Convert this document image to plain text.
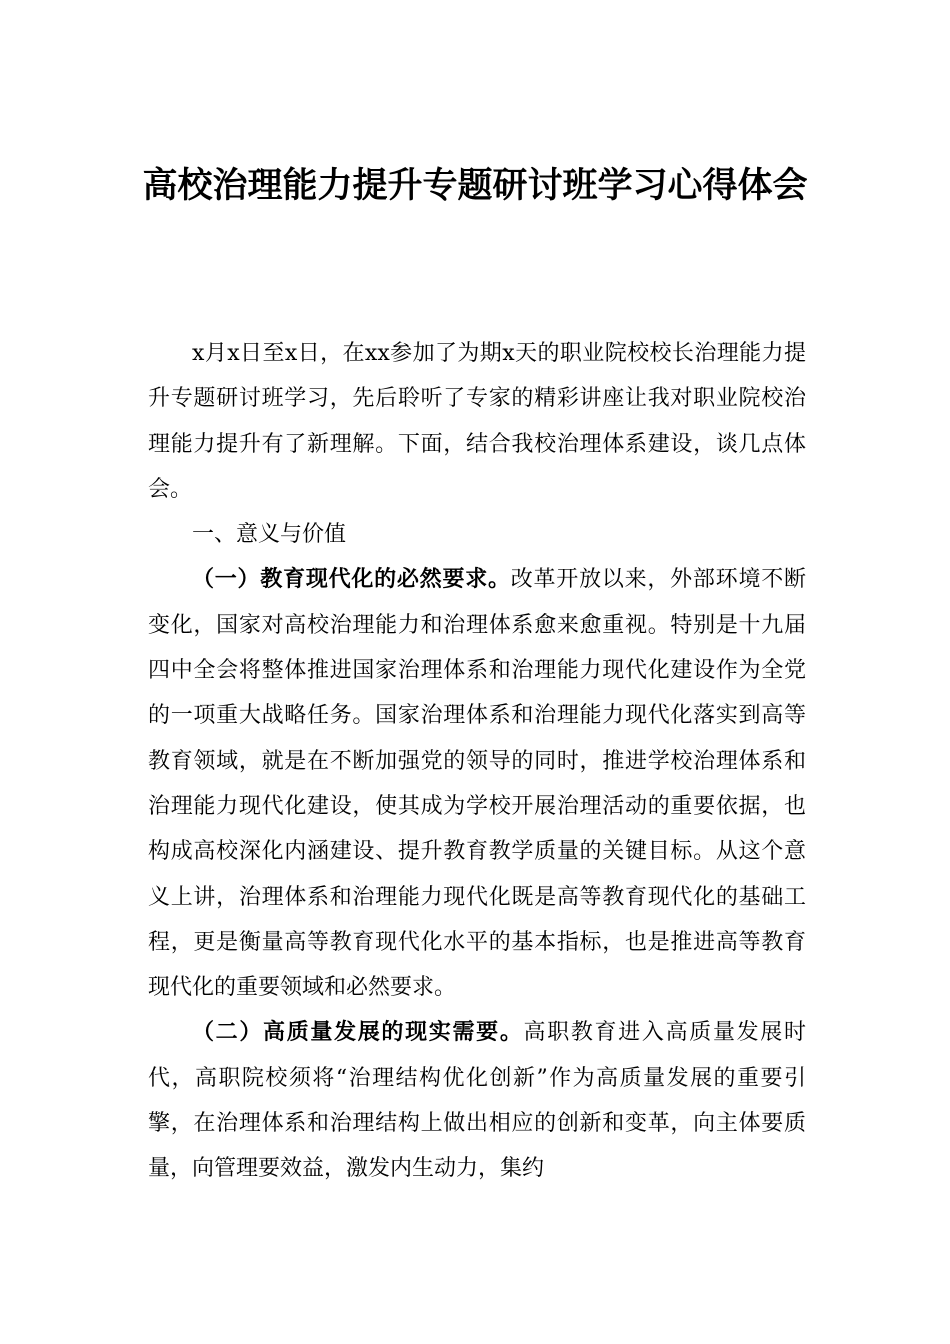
高校治理能力提升专题研讨班学习心得体会

x月x日至x日，在xx参加了为期x天的职业院校校长治理能力提升专题研讨班学习，先后聆听了专家的精彩讲座让我对职业院校治理能力提升有了新理解。下面，结合我校治理体系建设，谈几点体会。

一、意义与价值

（一）教育现代化的必然要求。改革开放以来，外部环境不断变化，国家对高校治理能力和治理体系愈来愈重视。特别是十九届四中全会将整体推进国家治理体系和治理能力现代化建设作为全党的一项重大战略任务。国家治理体系和治理能力现代化落实到高等教育领域，就是在不断加强党的领导的同时，推进学校治理体系和治理能力现代化建设，使其成为学校开展治理活动的重要依据，也构成高校深化内涵建设、提升教育教学质量的关键目标。从这个意义上讲，治理体系和治理能力现代化既是高等教育现代化的基础工程，更是衡量高等教育现代化水平的基本指标，也是推进高等教育现代化的重要领域和必然要求。

（二）高质量发展的现实需要。高职教育进入高质量发展时代，高职院校须将“治理结构优化创新”作为高质量发展的重要引擎，在治理体系和治理结构上做出相应的创新和变革，向主体要质量，向管理要效益，激发内生动力，集约
